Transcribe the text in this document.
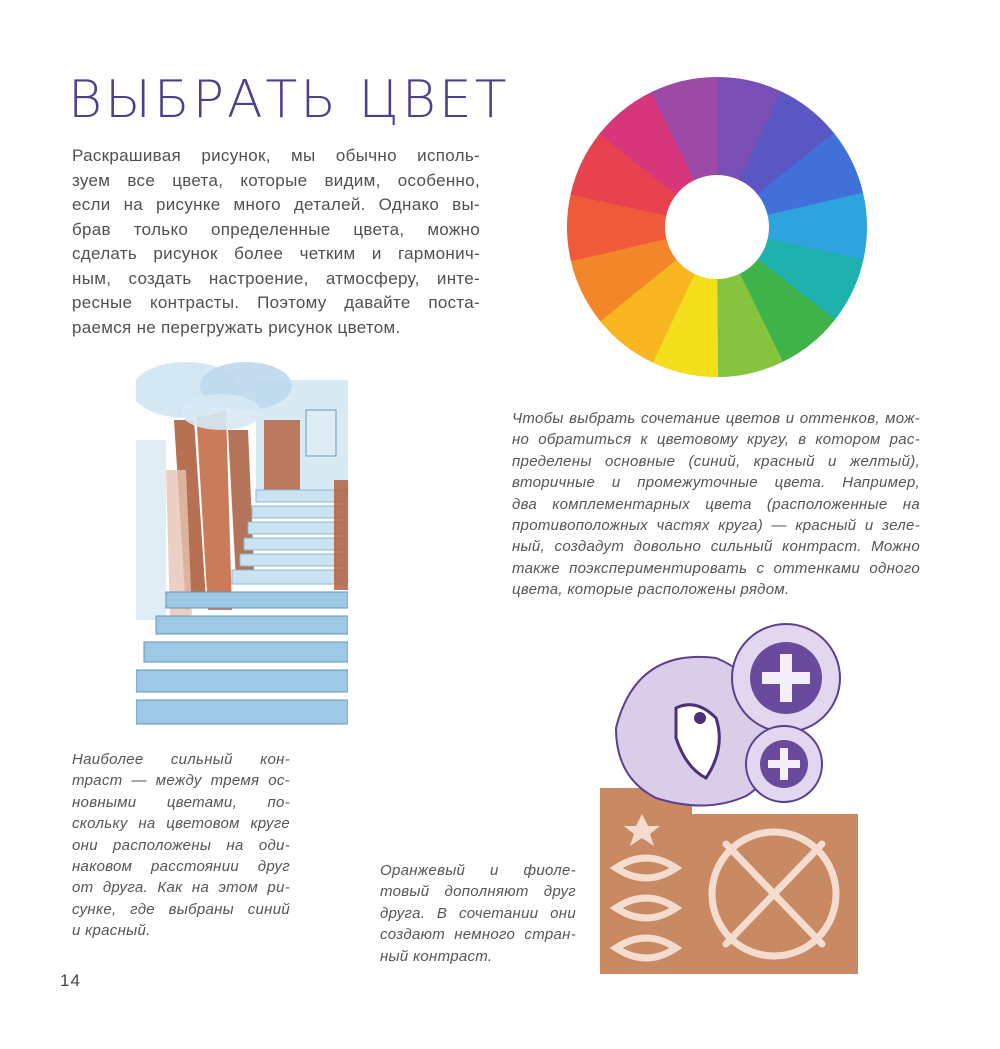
ВЫБРАТЬ ЦВЕТ
Раскрашивая рисунок, мы обычно исполь-
зуем все цвета, которые видим, особенно,
если на рисунке много деталей. Однако вы-
брав только определенные цвета, можно
сделать рисунок более четким и гармонич-
ным, создать настроение, атмосферу, инте-
ресные контрасты. Поэтому давайте поста-
раемся не перегружать рисунок цветом.
Чтобы выбрать сочетание цветов и оттенков, мож-
но обратиться к цветовому кругу, в котором рас-
пределены основные (синий, красный и желтый),
вторичные и промежуточные цвета. Например,
два комплементарных цвета (расположенные на
противоположных частях круга) — красный и зеле-
ный, создадут довольно сильный контраст. Можно
также поэкспериментировать с оттенками одного
цвета, которые расположены рядом.
Наиболее сильный кон-
траст — между тремя ос-
новными цветами, по-
скольку на цветовом круге
они расположены на оди-
наковом расстоянии друг
от друга. Как на этом ри-
сунке, где выбраны синий
и красный.
Оранжевый и фиоле-
товый дополняют друг
друга. В сочетании они
создают немного стран-
ный контраст.
14
